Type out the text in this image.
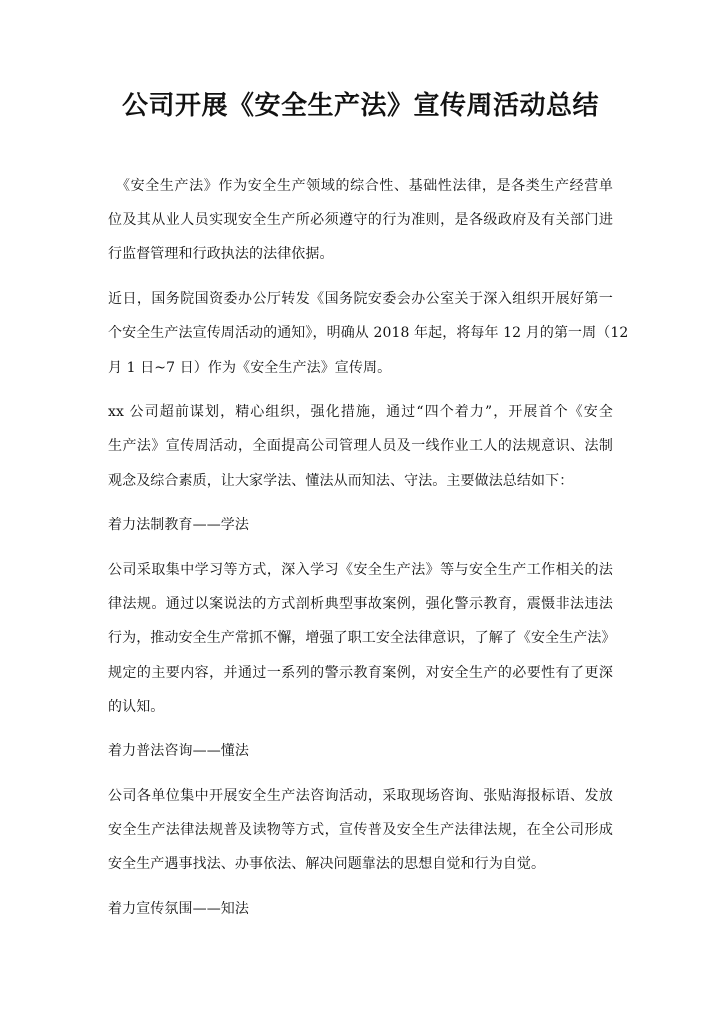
公司开展《安全生产法》宣传周活动总结
《安全生产法》作为安全生产领域的综合性、基础性法律，是各类生产经营单
位及其从业人员实现安全生产所必须遵守的行为准则，是各级政府及有关部门进
行监督管理和行政执法的法律依据。
近日，国务院国资委办公厅转发《国务院安委会办公室关于深入组织开展好第一
个安全生产法宣传周活动的通知》，明确从 2018 年起，将每年 12 月的第一周（12
月 1 日~7 日）作为《安全生产法》宣传周。
xx 公司超前谋划，精心组织，强化措施，通过“四个着力”，开展首个《安全
生产法》宣传周活动，全面提高公司管理人员及一线作业工人的法规意识、法制
观念及综合素质，让大家学法、懂法从而知法、守法。主要做法总结如下：
着力法制教育——学法
公司采取集中学习等方式，深入学习《安全生产法》等与安全生产工作相关的法
律法规。通过以案说法的方式剖析典型事故案例，强化警示教育，震慑非法违法
行为，推动安全生产常抓不懈，增强了职工安全法律意识，了解了《安全生产法》
规定的主要内容，并通过一系列的警示教育案例，对安全生产的必要性有了更深
的认知。
着力普法咨询——懂法
公司各单位集中开展安全生产法咨询活动，采取现场咨询、张贴海报标语、发放
安全生产法律法规普及读物等方式，宣传普及安全生产法律法规，在全公司形成
安全生产遇事找法、办事依法、解决问题靠法的思想自觉和行为自觉。
着力宣传氛围——知法
